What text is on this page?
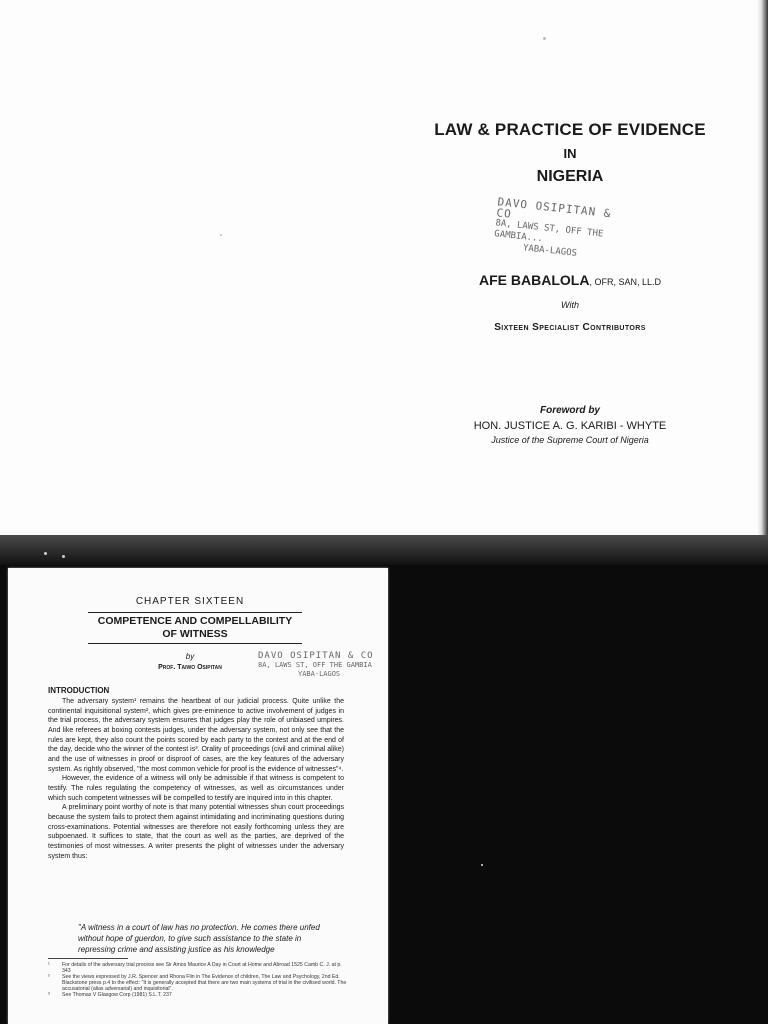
LAW & PRACTICE OF EVIDENCE
IN
NIGERIA
DAVO OSIPITAN & CO
8A, LAWS ST, OFF THE GAMBIA...
YABA-LAGOS
AFE BABALOLA, OFR, SAN, LL.D
With
Sixteen Specialist Contributors
Foreword by
HON. JUSTICE A. G. KARIBI - WHYTE
Justice of the Supreme Court of Nigeria
CHAPTER SIXTEEN
COMPETENCE AND COMPELLABILITY
OF WITNESS
by
Prof. Taiwo Osipitan
DAVO OSIPITAN & CO
8A, LAWS ST, OFF THE GAMBIA
YABA-LAGOS
INTRODUCTION

The adversary system¹ remains the heartbeat of our judicial process. Quite unlike the continental inquisitional system², which gives pre-eminence to active involvement of judges in the trial process, the adversary system ensures that judges play the role of unbiased umpires. And like referees at boxing contests judges, under the adversary system, not only see that the rules are kept, they also count the points scored by each party to the contest and at the end of the day, decide who the winner of the contest is³. Orality of proceedings (civil and criminal alike) and the use of witnesses in proof or disproof of cases, are the key features of the adversary system. As rightly observed, "the most common vehicle for proof is the evidence of witnesses"⁴.

However, the evidence of a witness will only be admissible if that witness is competent to testify. The rules regulating the competency of witnesses, as well as circumstances under which such competent witnesses will be compelled to testify are inquired into in this chapter.

A preliminary point worthy of note is that many potential witnesses shun court proceedings because the system fails to protect them against intimidating and incriminating questions during cross-examinations. Potential witnesses are therefore not easily forthcoming unless they are subpoenaed. It suffices to state, that the court as well as the parties, are deprived of the testimonies of most witnesses. A writer presents the plight of witnesses under the adversary system thus:

"A witness in a court of law has no protection. He comes there unfed without hope of guerdon, to give such assistance to the state in repressing crime and assisting justice as his knowledge
¹ For details of the adversary trial process see Sir Amos Maurice A Day in Court at Home and Abroad 1525 Camb C. J. at p. 343
² See the views expressed by J.R. Spencer and Rhona Flin in The Evidence of children, The Law and Psychology, 2nd Ed. Blackstone press p.4 to the effect: "It is generally accepted that there are two main systems of trial in the civilised world. The accusatorial (alias adversarial) and inquisitorial".
³ See Thomas V Glasgow Corp (1981) S.L.T. 237
